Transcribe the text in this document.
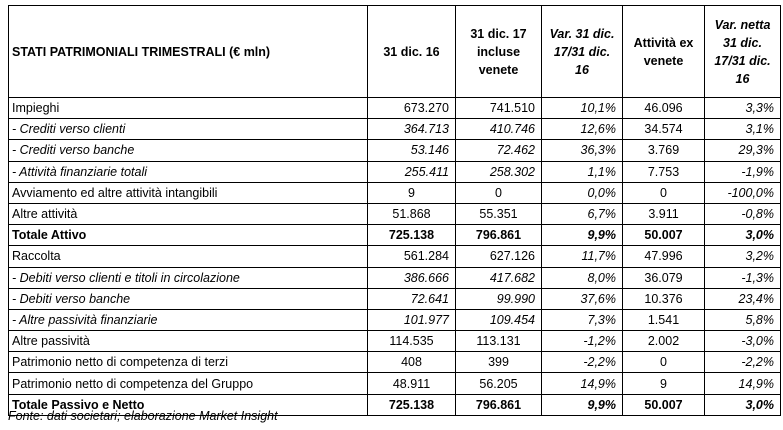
STATI PATRIMONIALI TRIMESTRALI (€ mln)	31 dic. 16	31 dic. 17 incluse venete	Var. 31 dic. 17/31 dic. 16	Attività ex venete	Var. netta 31 dic. 17/31 dic. 16
Impieghi	673.270	741.510	10,1%	46.096	3,3%
- Crediti verso clienti	364.713	410.746	12,6%	34.574	3,1%
- Crediti verso banche	53.146	72.462	36,3%	3.769	29,3%
- Attività finanziarie totali	255.411	258.302	1,1%	7.753	-1,9%
Avviamento ed altre attività intangibili	9	0	0,0%	0	-100,0%
Altre attività	51.868	55.351	6,7%	3.911	-0,8%
Totale Attivo	725.138	796.861	9,9%	50.007	3,0%
Raccolta	561.284	627.126	11,7%	47.996	3,2%
- Debiti verso clienti e titoli in circolazione	386.666	417.682	8,0%	36.079	-1,3%
- Debiti verso banche	72.641	99.990	37,6%	10.376	23,4%
- Altre passività finanziarie	101.977	109.454	7,3%	1.541	5,8%
Altre passività	114.535	113.131	-1,2%	2.002	-3,0%
Patrimonio netto di competenza di terzi	408	399	-2,2%	0	-2,2%
Patrimonio netto di competenza del Gruppo	48.911	56.205	14,9%	9	14,9%
Totale Passivo e Netto	725.138	796.861	9,9%	50.007	3,0%
Fonte: dati societari; elaborazione Market Insight
